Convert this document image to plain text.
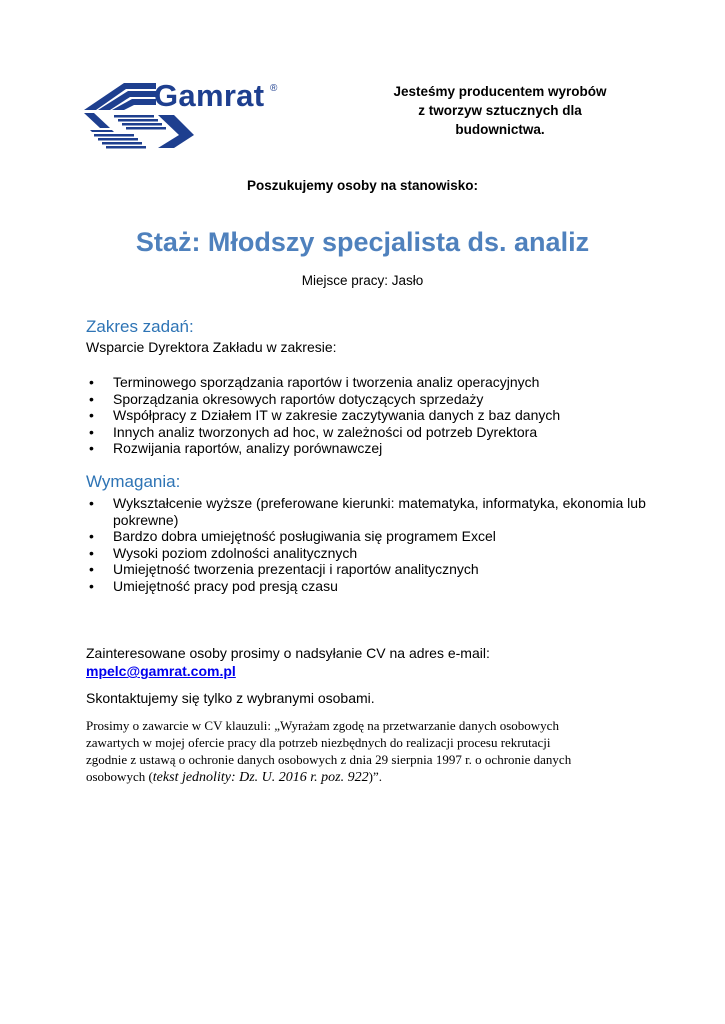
Gamrat ®	Jesteśmy producentem wyrobów
z tworzyw sztucznych dla
budownictwa.
Poszukujemy osoby na stanowisko:
Staż: Młodszy specjalista ds. analiz
Miejsce pracy: Jasło
Zakres zadań:
Wsparcie Dyrektora Zakładu w zakresie:
• Terminowego sporządzania raportów i tworzenia analiz operacyjnych
• Sporządzania okresowych raportów dotyczących sprzedaży
• Współpracy z Działem IT w zakresie zaczytywania danych z baz danych
• Innych analiz tworzonych ad hoc, w zależności od potrzeb Dyrektora
• Rozwijania raportów, analizy porównawczej
Wymagania:
• Wykształcenie wyższe (preferowane kierunki: matematyka, informatyka, ekonomia lub pokrewne)
• Bardzo dobra umiejętność posługiwania się programem Excel
• Wysoki poziom zdolności analitycznych
• Umiejętność tworzenia prezentacji i raportów analitycznych
• Umiejętność pracy pod presją czasu
Zainteresowane osoby prosimy o nadsyłanie CV na adres e-mail:
mpelc@gamrat.com.pl
Skontaktujemy się tylko z wybranymi osobami.
Prosimy o zawarcie w CV klauzuli: „Wyrażam zgodę na przetwarzanie danych osobowych
zawartych w mojej ofercie pracy dla potrzeb niezbędnych do realizacji procesu rekrutacji
zgodnie z ustawą o ochronie danych osobowych z dnia 29 sierpnia 1997 r. o ochronie danych
osobowych (tekst jednolity: Dz. U. 2016 r. poz. 922)”.
